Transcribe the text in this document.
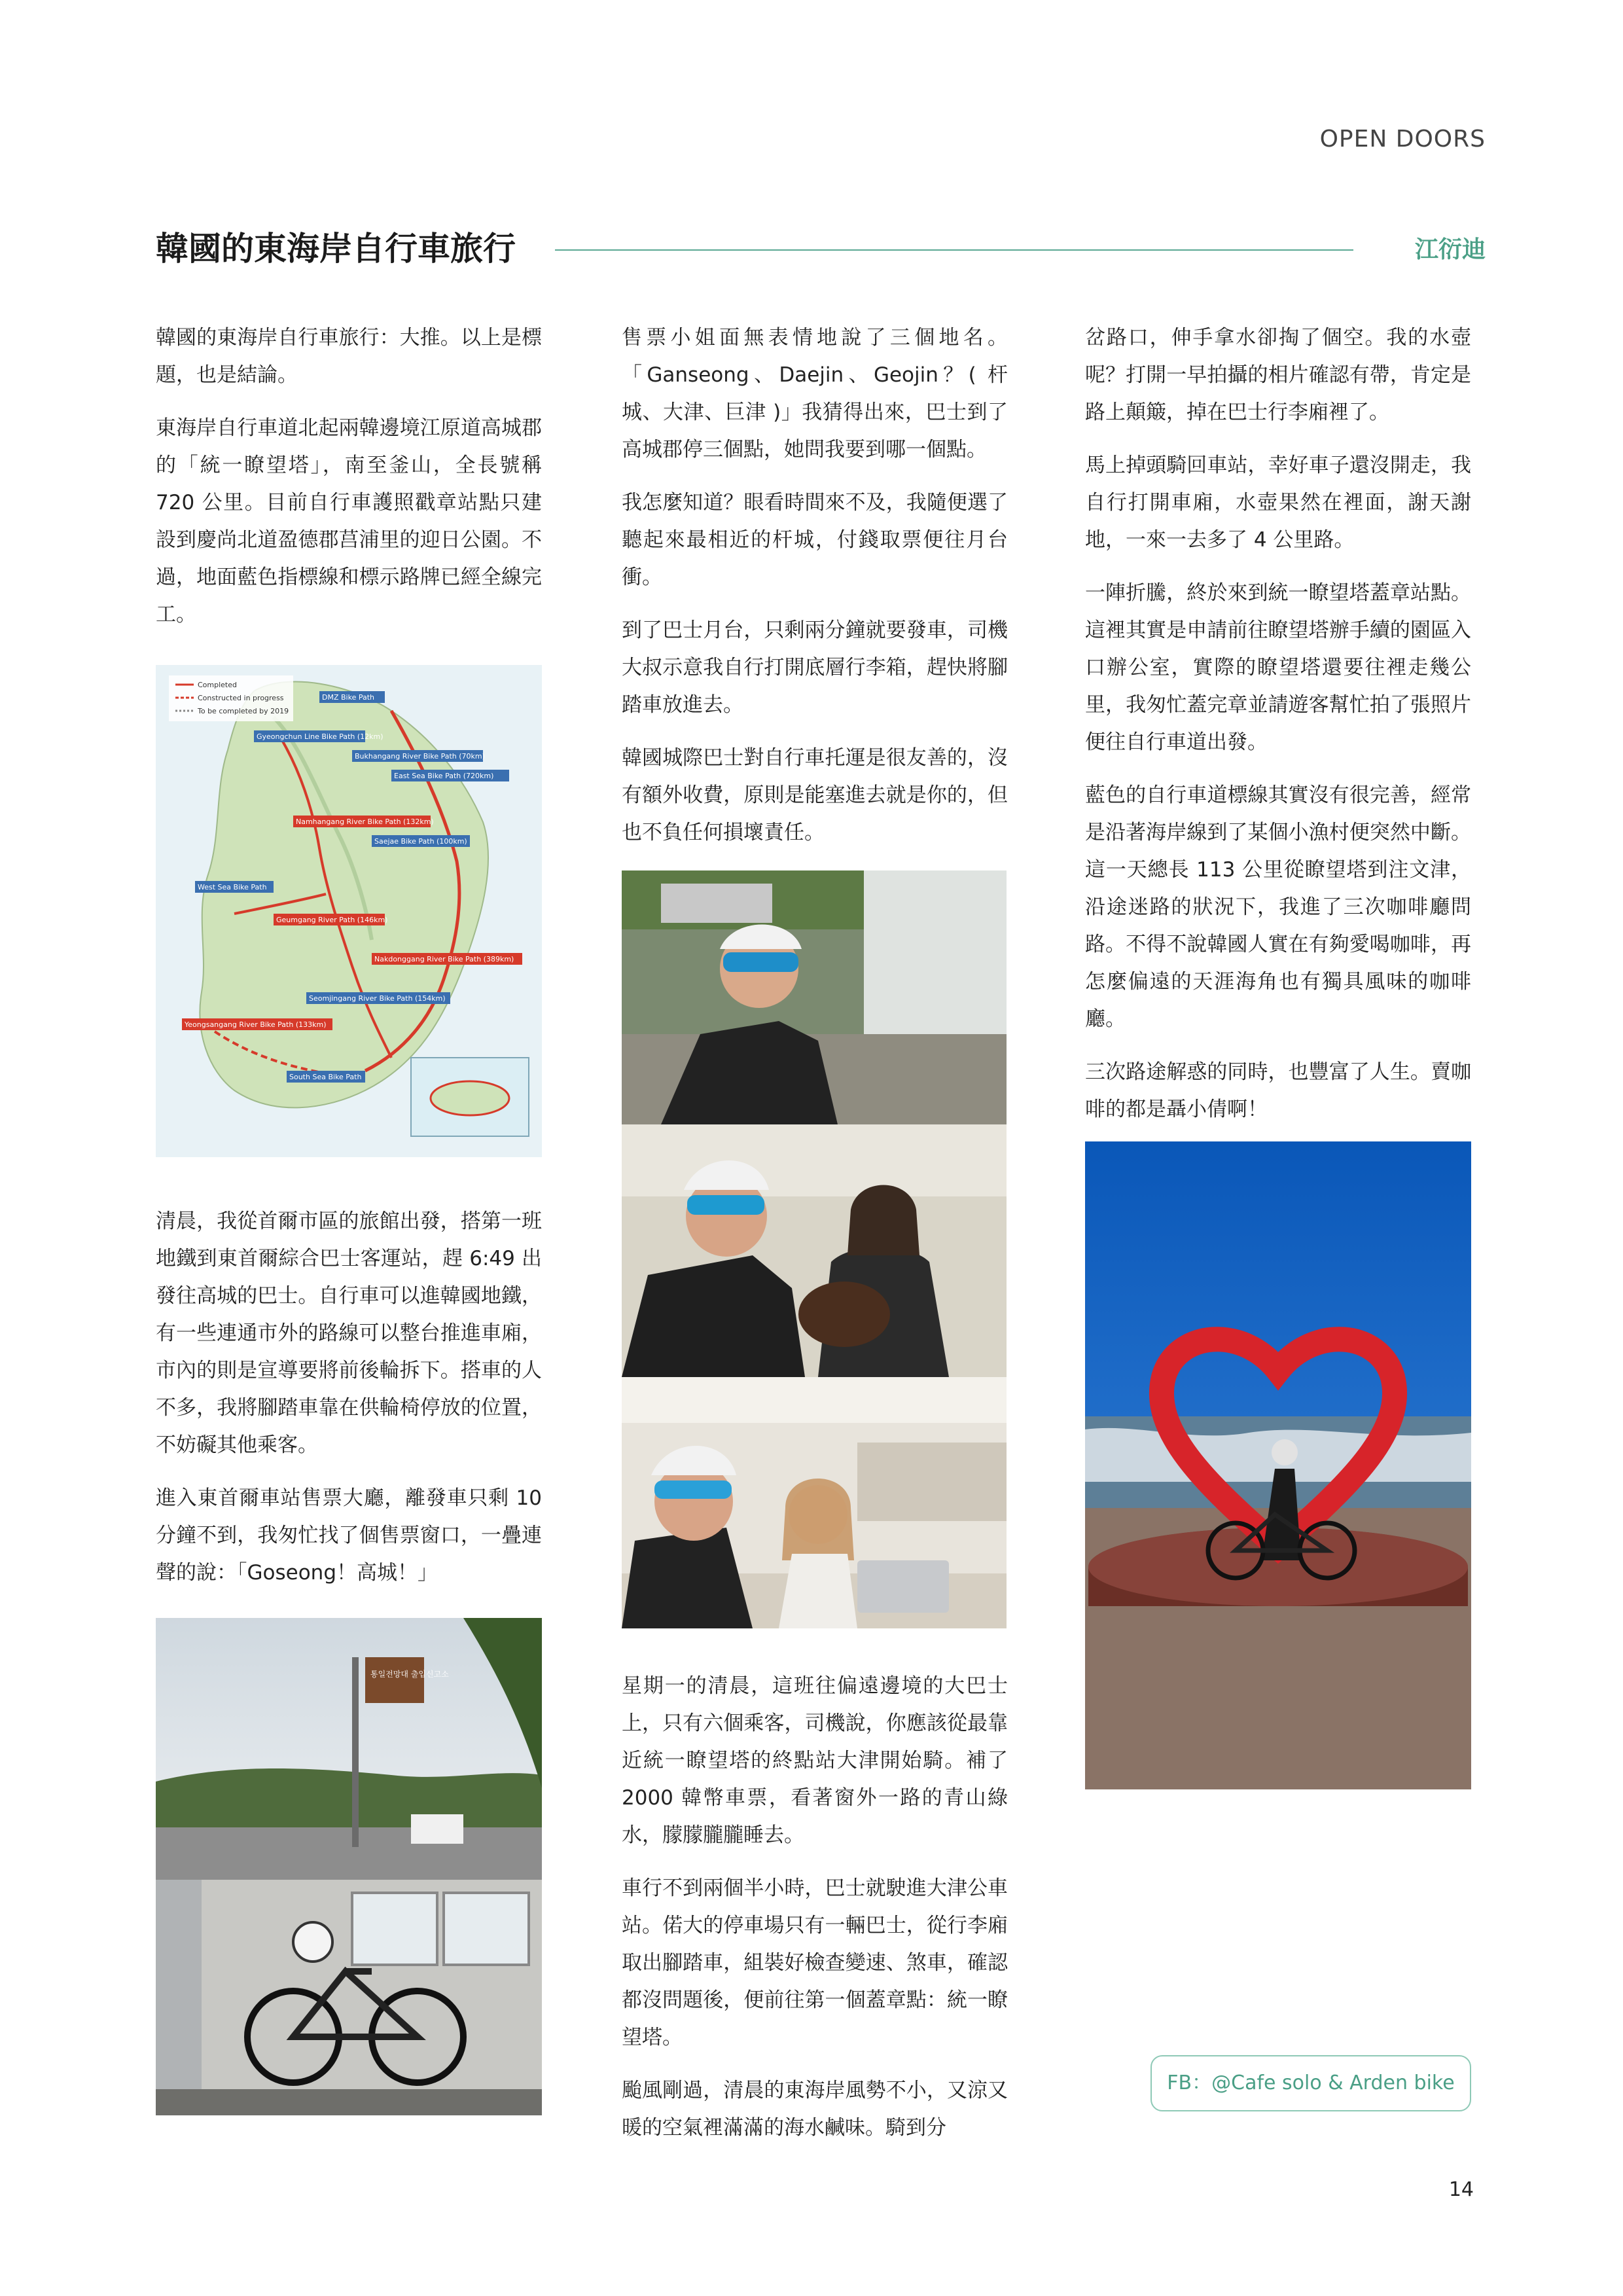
OPEN DOORS
韓國的東海岸自行車旅行	江衍迪

韓國的東海岸自行車旅行：大推。以上是標題，也是結論。

東海岸自行車道北起兩韓邊境江原道高城郡的「統一瞭望塔」，南至釜山，全長號稱 720 公里。目前自行車護照戳章站點只建設到慶尚北道盈德郡莒浦里的迎日公園。不過，地面藍色指標線和標示路牌已經全線完工。

Completed
Constructed in progress
To be completed by 2019
DMZ Bike Path
Gyeongchun Line Bike Path (12km)
Bukhangang River Bike Path (70km)
Namhangang River Bike Path (132km)
East Sea Bike Path (720km)
Saejae Bike Path (100km)
West Sea Bike Path
Geumgang River Path (146km)
Nakdonggang River Bike Path (389km)
Seomjingang River Bike Path (154km)
Yeongsangang River Bike Path (133km)
South Sea Bike Path

清晨，我從首爾市區的旅館出發，搭第一班地鐵到東首爾綜合巴士客運站，趕 6:49 出發往高城的巴士。自行車可以進韓國地鐵，有一些連通市外的路線可以整台推進車廂，市內的則是宣導要將前後輪拆下。搭車的人不多，我將腳踏車靠在供輪椅停放的位置，不妨礙其他乘客。

進入東首爾車站售票大廳，離發車只剩 10 分鐘不到，我匆忙找了個售票窗口，一疊連聲的說：「Goseong！高城！」

통일전망대 출입신고소

售票小姐面無表情地說了三個地名。「Ganseong、Daejin、Geojin？( 杆城、大津、巨津 )」我猜得出來，巴士到了高城郡停三個點，她問我要到哪一個點。

我怎麼知道？眼看時間來不及，我隨便選了聽起來最相近的杆城，付錢取票便往月台衝。

到了巴士月台，只剩兩分鐘就要發車，司機大叔示意我自行打開底層行李箱，趕快將腳踏車放進去。

韓國城際巴士對自行車托運是很友善的，沒有額外收費，原則是能塞進去就是你的，但也不負任何損壞責任。

星期一的清晨，這班往偏遠邊境的大巴士上，只有六個乘客，司機說，你應該從最靠近統一瞭望塔的終點站大津開始騎。補了 2000 韓幣車票，看著窗外一路的青山綠水，朦朦朧朧睡去。

車行不到兩個半小時，巴士就駛進大津公車站。偌大的停車場只有一輛巴士，從行李廂取出腳踏車，組裝好檢查變速、煞車，確認都沒問題後，便前往第一個蓋章點：統一瞭望塔。

颱風剛過，清晨的東海岸風勢不小，又涼又暖的空氣裡滿滿的海水鹹味。騎到分

岔路口，伸手拿水卻掏了個空。我的水壺呢？打開一早拍攝的相片確認有帶，肯定是路上顛簸，掉在巴士行李廂裡了。

馬上掉頭騎回車站，幸好車子還沒開走，我自行打開車廂，水壺果然在裡面，謝天謝地，一來一去多了 4 公里路。

一陣折騰，終於來到統一瞭望塔蓋章站點。這裡其實是申請前往瞭望塔辦手續的園區入口辦公室，實際的瞭望塔還要往裡走幾公里，我匆忙蓋完章並請遊客幫忙拍了張照片便往自行車道出發。

藍色的自行車道標線其實沒有很完善，經常是沿著海岸線到了某個小漁村便突然中斷。這一天總長 113 公里從瞭望塔到注文津，沿途迷路的狀況下，我進了三次咖啡廳問路。不得不說韓國人實在有夠愛喝咖啡，再怎麼偏遠的天涯海角也有獨具風味的咖啡廳。

三次路途解惑的同時，也豐富了人生。賣咖啡的都是聶小倩啊！

FB：@Cafe solo & Arden bike
14
